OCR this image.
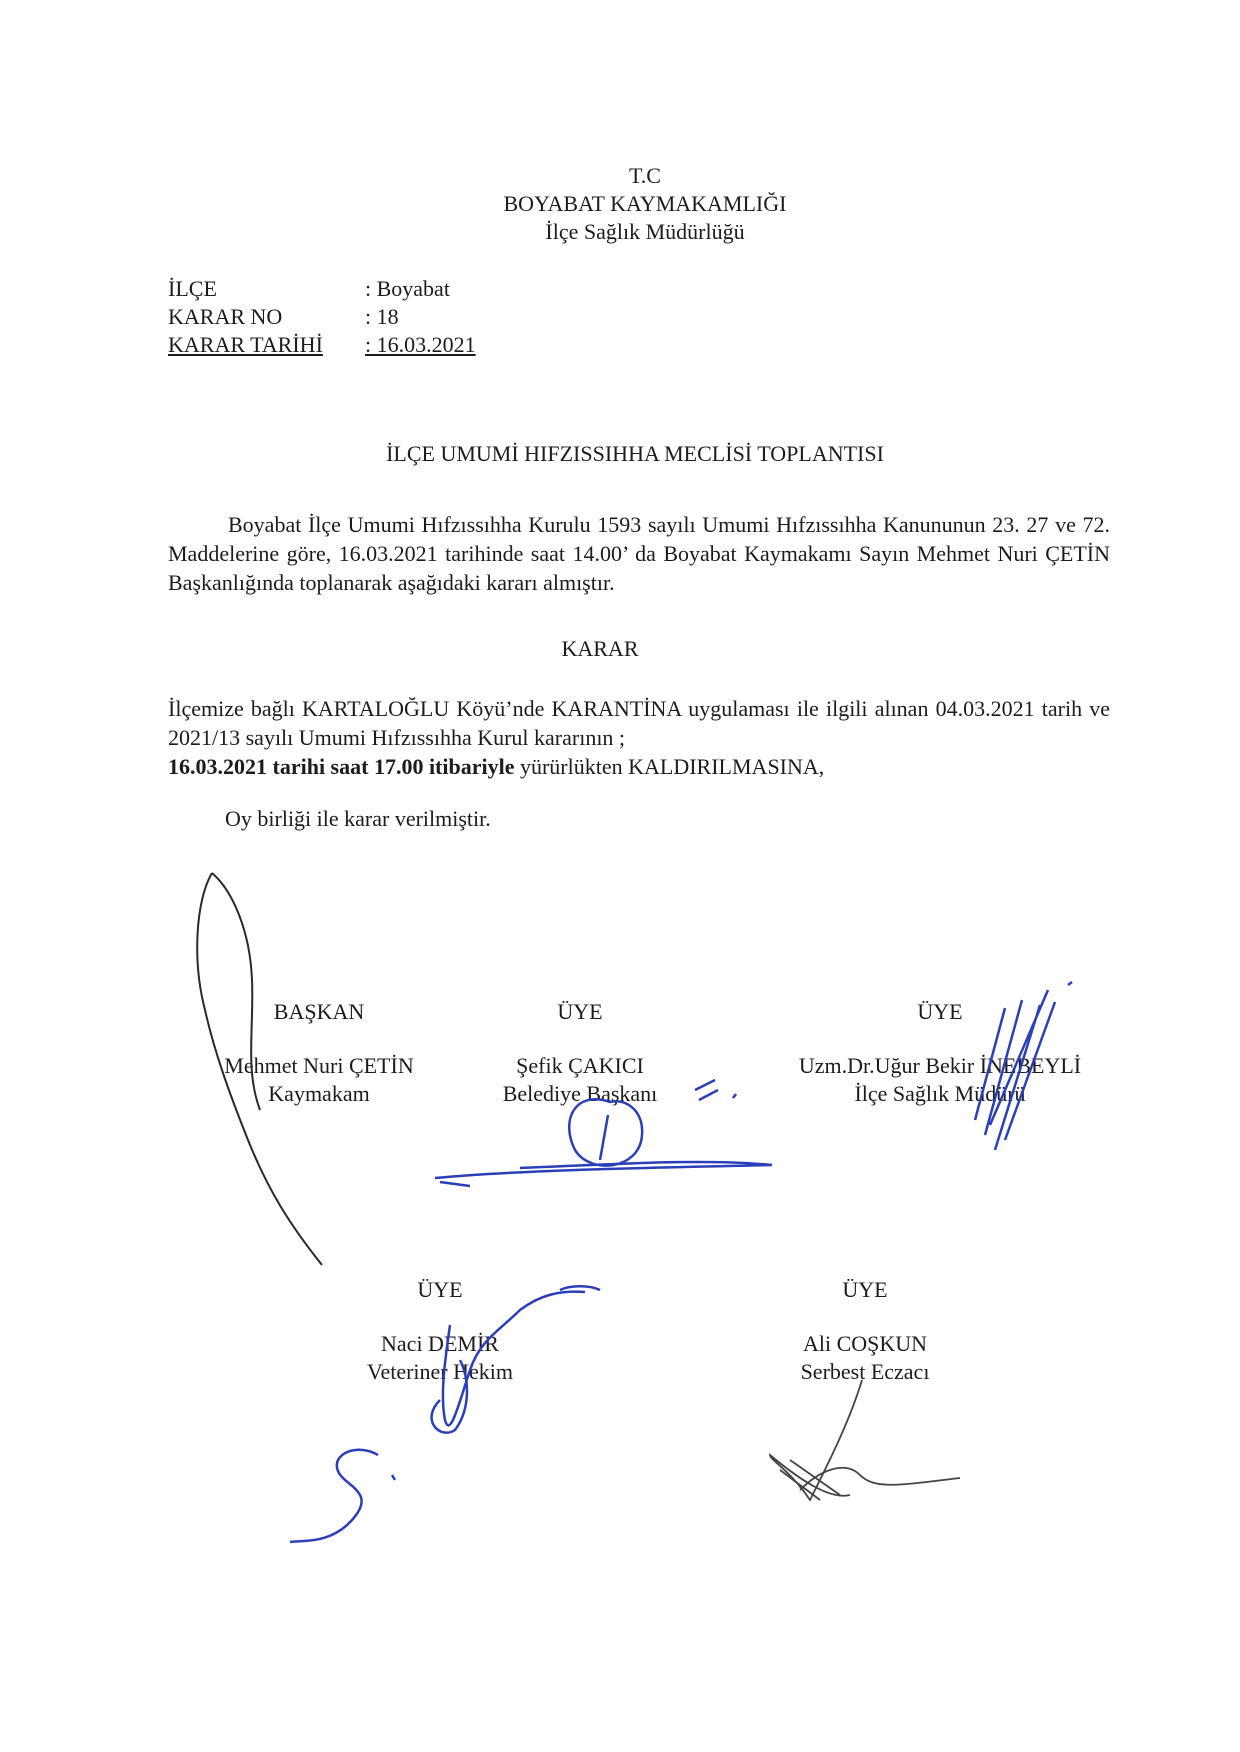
T.C
BOYABAT KAYMAKAMLIĞI
İlçe Sağlık Müdürlüğü
İLÇE	: Boyabat
KARAR NO	: 18
KARAR TARİHİ : 16.03.2021
İLÇE UMUMİ HIFZISSIHHA MECLİSİ TOPLANTISI

Boyabat İlçe Umumi Hıfzıssıhha Kurulu 1593 sayılı Umumi Hıfzıssıhha Kanununun 23. 27 ve 72. Maddelerine göre, 16.03.2021 tarihinde saat 14.00’ da Boyabat Kaymakamı Sayın Mehmet Nuri ÇETİN Başkanlığında toplanarak aşağıdaki kararı almıştır.

KARAR

İlçemize bağlı KARTALOĞLU Köyü’nde KARANTİNA uygulaması ile ilgili alınan 04.03.2021 tarih ve 2021/13 sayılı Umumi Hıfzıssıhha Kurul kararının ;

16.03.2021 tarihi saat 17.00 itibariyle yürürlükten KALDIRILMASINA,

Oy birliği ile karar verilmiştir.
BAŞKAN
Mehmet Nuri ÇETİN
Kaymakam
ÜYE
Şefik ÇAKICI
Belediye Başkanı
ÜYE
Uzm.Dr.Uğur Bekir İNEBEYLİ
İlçe Sağlık Müdürü
ÜYE
Naci DEMİR
Veteriner Hekim
ÜYE
Ali COŞKUN
Serbest Eczacı
